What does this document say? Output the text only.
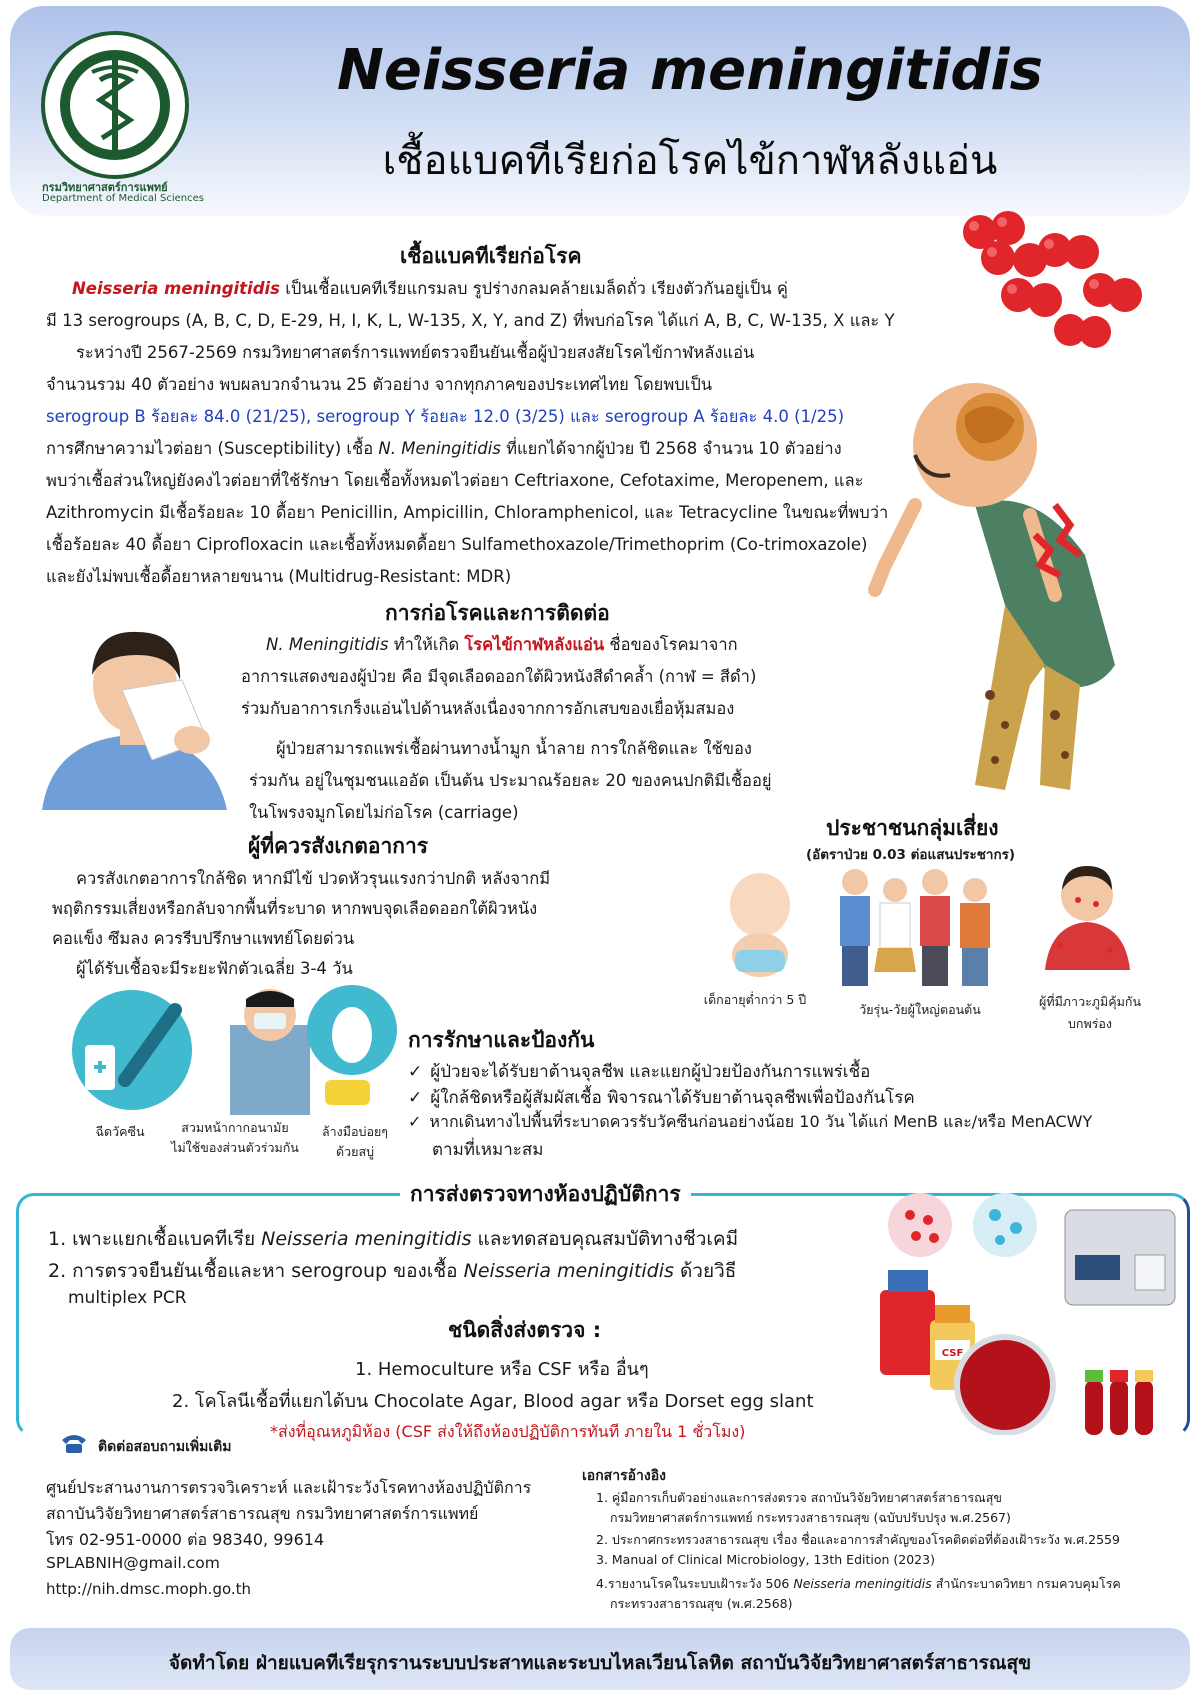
กรมวิทยาศาสตร์การแพทย์
Department of Medical Sciences
Neisseria meningitidis
เชื้อแบคทีเรียก่อโรคไข้กาฬหลังแอ่น
เชื้อแบคทีเรียก่อโรค
Neisseria meningitidis เป็นเชื้อแบคทีเรียแกรมลบ รูปร่างกลมคล้ายเมล็ดถั่ว เรียงตัวกันอยู่เป็น คู่
มี 13 serogroups (A, B, C, D, E-29, H, I, K, L, W-135, X, Y, and Z) ที่พบก่อโรค ได้แก่ A, B, C, W-135, X และ Y
ระหว่างปี 2567-2569 กรมวิทยาศาสตร์การแพทย์ตรวจยืนยันเชื้อผู้ป่วยสงสัยโรคไข้กาฬหลังแอ่น
จำนวนรวม 40 ตัวอย่าง พบผลบวกจำนวน 25 ตัวอย่าง จากทุกภาคของประเทศไทย โดยพบเป็น
serogroup B ร้อยละ 84.0 (21/25), serogroup Y ร้อยละ 12.0 (3/25) และ serogroup A ร้อยละ 4.0 (1/25)
การศึกษาความไวต่อยา (Susceptibility) เชื้อ N. Meningitidis ที่แยกได้จากผู้ป่วย ปี 2568 จำนวน 10 ตัวอย่าง
พบว่าเชื้อส่วนใหญ่ยังคงไวต่อยาที่ใช้รักษา โดยเชื้อทั้งหมดไวต่อยา Ceftriaxone, Cefotaxime, Meropenem, และ
Azithromycin มีเชื้อร้อยละ 10 ดื้อยา Penicillin, Ampicillin, Chloramphenicol, และ Tetracycline ในขณะที่พบว่า
เชื้อร้อยละ 40 ดื้อยา Ciprofloxacin และเชื้อทั้งหมดดื้อยา Sulfamethoxazole/Trimethoprim (Co-trimoxazole)
และยังไม่พบเชื้อดื้อยาหลายขนาน (Multidrug-Resistant: MDR)
การก่อโรคและการติดต่อ
N. Meningitidis ทำให้เกิด โรคไข้กาฬหลังแอ่น ชื่อของโรคมาจาก
อาการแสดงของผู้ป่วย คือ มีจุดเลือดออกใต้ผิวหนังสีดำคล้ำ (กาฬ = สีดำ)
ร่วมกับอาการเกร็งแอ่นไปด้านหลังเนื่องจากการอักเสบของเยื่อหุ้มสมอง
ผู้ป่วยสามารถแพร่เชื้อผ่านทางน้ำมูก น้ำลาย การใกล้ชิดและ ใช้ของ
ร่วมกัน อยู่ในชุมชนแออัด เป็นต้น ประมาณร้อยละ 20 ของคนปกติมีเชื้ออยู่
ในโพรงจมูกโดยไม่ก่อโรค (carriage)
ผู้ที่ควรสังเกตอาการ
ควรสังเกตอาการใกล้ชิด หากมีไข้ ปวดหัวรุนแรงกว่าปกติ หลังจากมี
พฤติกรรมเสี่ยงหรือกลับจากพื้นที่ระบาด หากพบจุดเลือดออกใต้ผิวหนัง
คอแข็ง ซึมลง ควรรีบปรึกษาแพทย์โดยด่วน
ผู้ได้รับเชื้อจะมีระยะฟักตัวเฉลี่ย 3-4 วัน
ประชาชนกลุ่มเสี่ยง
(อัตราป่วย 0.03 ต่อแสนประชากร)
เด็กอายุต่ำกว่า 5 ปี
วัยรุ่น-วัยผู้ใหญ่ตอนต้น
ผู้ที่มีภาวะภูมิคุ้มกัน
บกพร่อง
ฉีดวัคซีน	สวมหน้ากากอนามัย
ไม่ใช้ของส่วนตัวร่วมกัน
ล้างมือบ่อยๆ
ด้วยสบู่
การรักษาและป้องกัน
✓ ผู้ป่วยจะได้รับยาต้านจุลชีพ และแยกผู้ป่วยป้องกันการแพร่เชื้อ
✓ ผู้ใกล้ชิดหรือผู้สัมผัสเชื้อ พิจารณาได้รับยาต้านจุลชีพเพื่อป้องกันโรค
✓ หากเดินทางไปพื้นที่ระบาดควรรับวัคซีนก่อนอย่างน้อย 10 วัน ได้แก่ MenB และ/หรือ MenACWY
ตามที่เหมาะสม
การส่งตรวจทางห้องปฏิบัติการ
1. เพาะแยกเชื้อแบคทีเรีย Neisseria meningitidis และทดสอบคุณสมบัติทางชีวเคมี
2. การตรวจยืนยันเชื้อและหา serogroup ของเชื้อ Neisseria meningitidis ด้วยวิธี
multiplex PCR
ชนิดสิ่งส่งตรวจ :
1. Hemoculture หรือ CSF หรือ อื่นๆ
2. โคโลนีเชื้อที่แยกได้บน Chocolate Agar, Blood agar หรือ Dorset egg slant
*ส่งที่อุณหภูมิห้อง (CSF ส่งให้ถึงห้องปฏิบัติการทันที ภายใน 1 ชั่วโมง)
CSF
ติดต่อสอบถามเพิ่มเติม
ศูนย์ประสานงานการตรวจวิเคราะห์ และเฝ้าระวังโรคทางห้องปฏิบัติการ
สถาบันวิจัยวิทยาศาสตร์สาธารณสุข กรมวิทยาศาสตร์การแพทย์
โทร 02-951-0000 ต่อ 98340, 99614
SPLABNIH@gmail.com
http://nih.dmsc.moph.go.th
เอกสารอ้างอิง
1. คู่มือการเก็บตัวอย่างและการส่งตรวจ สถาบันวิจัยวิทยาศาสตร์สาธารณสุข
กรมวิทยาศาสตร์การแพทย์ กระทรวงสาธารณสุข (ฉบับปรับปรุง พ.ศ.2567)
2. ประกาศกระทรวงสาธารณสุข เรื่อง ชื่อและอาการสำคัญของโรคติดต่อที่ต้องเฝ้าระวัง พ.ศ.2559
3. Manual of Clinical Microbiology, 13th Edition (2023)
4.รายงานโรคในระบบเฝ้าระวัง 506 Neisseria meningitidis สำนักระบาดวิทยา กรมควบคุมโรค
กระทรวงสาธารณสุข (พ.ศ.2568)
จัดทำโดย ฝ่ายแบคทีเรียรุกรานระบบประสาทและระบบไหลเวียนโลหิต สถาบันวิจัยวิทยาศาสตร์สาธารณสุข
